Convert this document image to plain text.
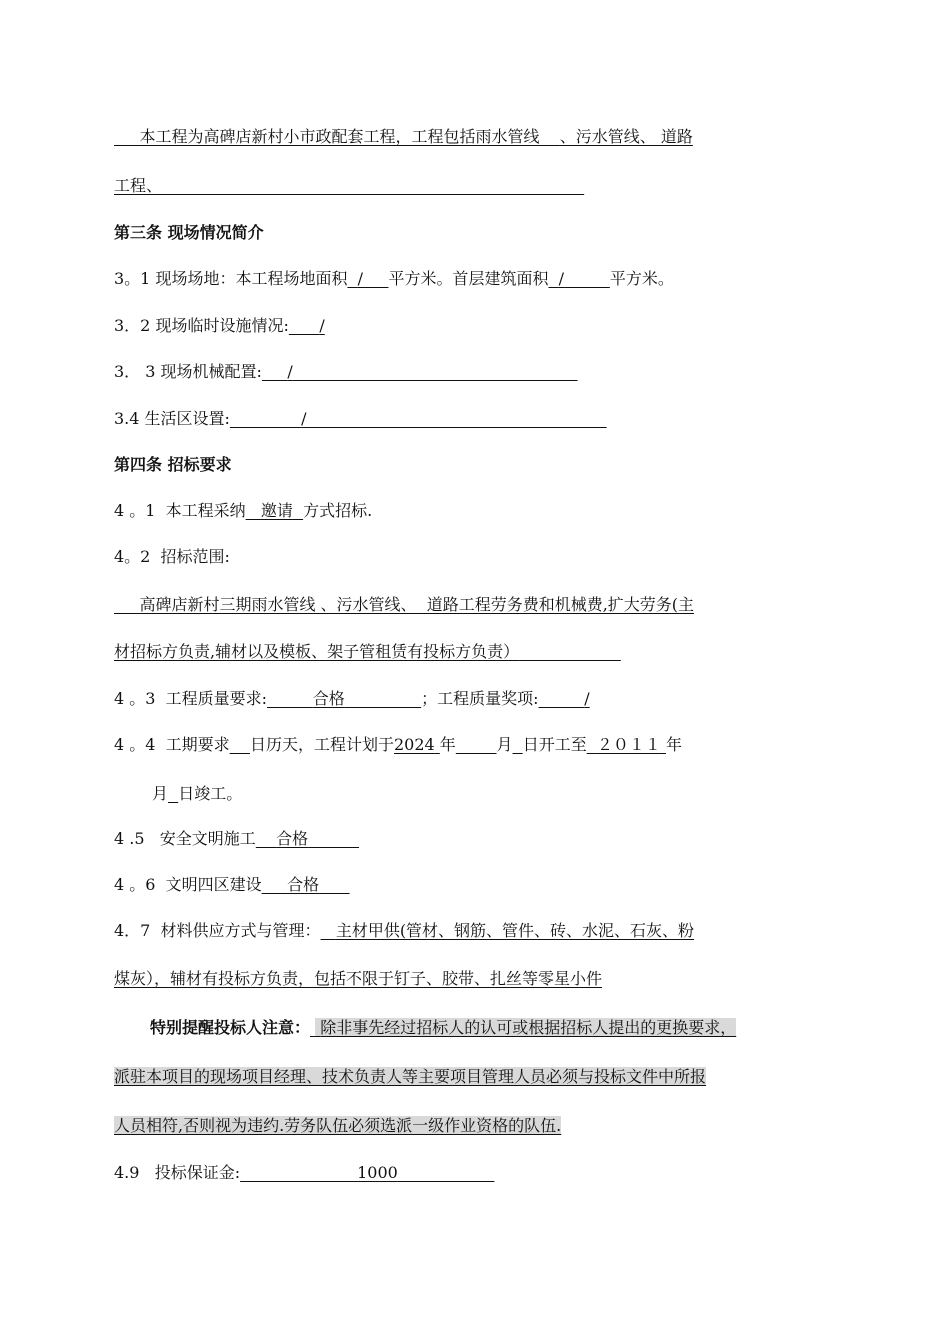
本工程为高碑店新村小市政配套工程，工程包括雨水管线 、污水管线、 道路
工程、
第三条 现场情况简介
3。1 现场场地：本工程场地面积 / 平方米。首层建筑面积 /	平方米。
3．2 现场临时设施情况: /
3． 3 现场机械配置: /
3.4 生活区设置:	/
第四条 招标要求
4 。1  本工程采纳 邀请 方式招标.
4。2  招标范围:
高碑店新村三期雨水管线 、污水管线、  道路工程劳务费和机械费,扩大劳务(主
材招标方负责,辅材以及模板、架子管租赁有投标方负责）
4 。3  工程质量要求:	合格	；工程质量奖项:	/
4 。4  工期要求 日历天，工程计划于2024 年	月 日开工至 ２０１１ 年
月 日竣工。
4 .5   安全文明施工 合格
4 。6  文明四区建设 合格
4．7  材料供应方式与管理： 主材甲供(管材、钢筋、管件、砖、水泥、石灰、粉
煤灰），辅材有投标方负责，包括不限于钉子、胶带、扎丝等零星小件
特别提醒投标人注意： 除非事先经过招标人的认可或根据招标人提出的更换要求，
派驻本项目的现场项目经理、技术负责人等主要项目管理人员必须与投标文件中所报
人员相符,否则视为违约.劳务队伍必须选派一级作业资格的队伍.
4.9   投标保证金:	1000
